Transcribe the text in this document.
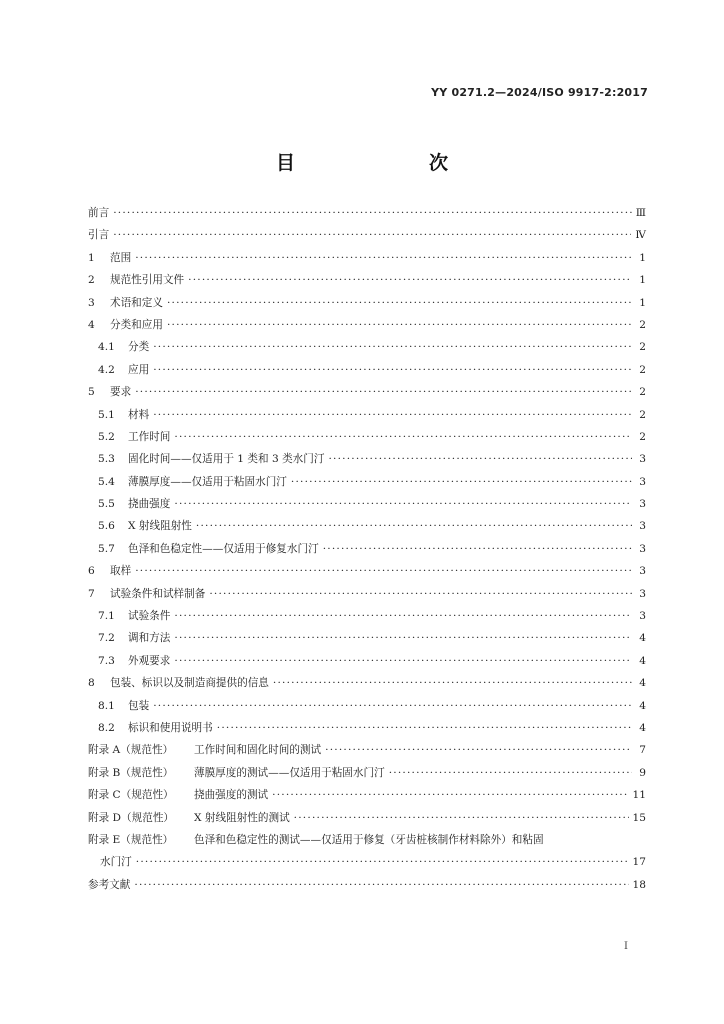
YY 0271.2—2024/ISO 9917-2:2017
目　　次
前言 ·····	Ⅲ
引言 ·····	Ⅳ
1	范围 ·····	1
2	规范性引用文件 ·····	1
3	术语和定义 ·····	1
4	分类和应用 ·····	2
4.1	分类 ·····	2
4.2	应用 ·····	2
5	要求 ·····	2
5.1	材料 ·····	2
5.2	工作时间 ·····	2
5.3	固化时间——仅适用于 1 类和 3 类水门汀 ·····	3
5.4	薄膜厚度——仅适用于粘固水门汀 ·····	3
5.5	挠曲强度 ·····	3
5.6	X 射线阻射性 ·····	3
5.7	色泽和色稳定性——仅适用于修复水门汀 ·····	3
6	取样 ·····	3
7	试验条件和试样制备 ·····	3
7.1	试验条件 ·····	3
7.2	调和方法 ·····	4
7.3	外观要求 ·····	4
8	包装、标识以及制造商提供的信息 ·····	4
8.1	包装 ·····	4
8.2	标识和使用说明书 ·····	4
附录 A（规范性）	工作时间和固化时间的测试 ·····	7
附录 B（规范性）	薄膜厚度的测试——仅适用于粘固水门汀 ·····	9
附录 C（规范性）	挠曲强度的测试 ·····	11
附录 D（规范性）	X 射线阻射性的测试 ·····	15
附录 E（规范性）	色泽和色稳定性的测试——仅适用于修复（牙齿桩核制作材料除外）和粘固
水门汀 ·····	17
参考文献 ·····	18
Ⅰ
